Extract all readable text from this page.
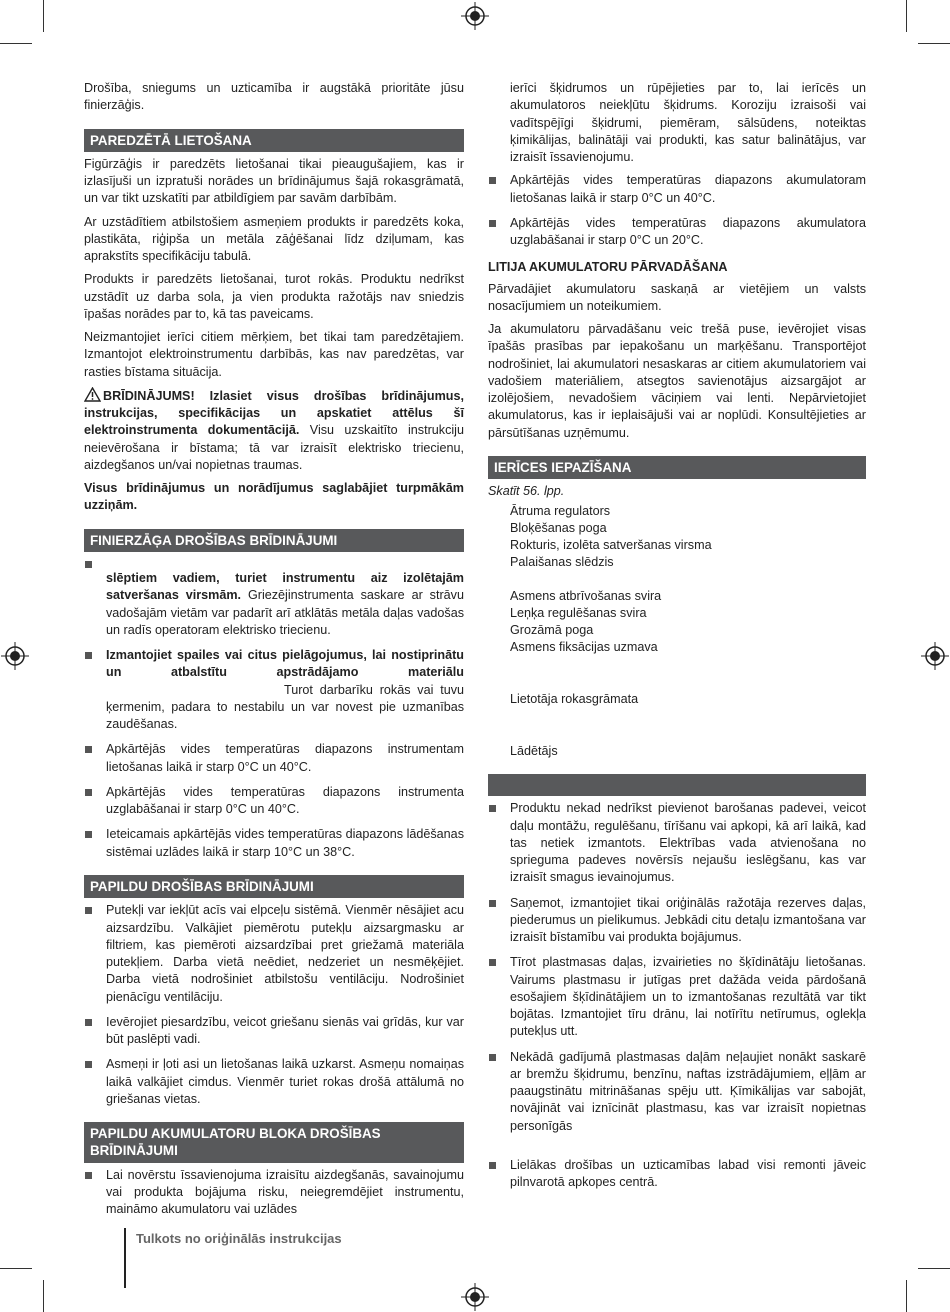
Drošība, sniegums un uzticamība ir augstākā prioritāte jūsu finierzāģis.

PAREDZĒTĀ LIETOŠANA

Figūrzāģis ir paredzēts lietošanai tikai pieaugušajiem, kas ir izlasījuši un izpratuši norādes un brīdinājumus šajā rokasgrāmatā, un var tikt uzskatīti par atbildīgiem par savām darbībām.

Ar uzstādītiem atbilstošiem asmeņiem produkts ir paredzēts koka, plastikāta, riģipša un metāla zāģēšanai līdz dziļumam, kas aprakstīts specifikāciju tabulā.

Produkts ir paredzēts lietošanai, turot rokās. Produktu nedrīkst uzstādīt uz darba sola, ja vien produkta ražotājs nav sniedzis īpašas norādes par to, kā tas paveicams.

Neizmantojiet ierīci citiem mērķiem, bet tikai tam paredzētajiem. Izmantojot elektroinstrumentu darbībās, kas nav paredzētas, var rasties bīstama situācija.

BRĪDINĀJUMS! Izlasiet visus drošības brīdinājumus, instrukcijas, specifikācijas un apskatiet attēlus šī elektroinstrumenta dokumentācijā. Visu uzskaitīto instrukciju neievērošana ir bīstama; tā var izraisīt elektrisko triecienu, aizdegšanos un/vai nopietnas traumas.

Visus brīdinājumus un norādījumus saglabājiet turpmākām uzziņām.

FINIERZĀĢA DROŠĪBAS BRĪDINĀJUMI
slēptiem vadiem, turiet instrumentu aiz izolētajām satveršanas virsmām. Griezējinstrumenta saskare ar strāvu vadošajām vietām var padarīt arī atklātās metāla daļas vadošas un radīs operatoram elektrisko triecienu.
Izmantojiet spailes vai citus pielāgojumus, lai nostiprinātu un atbalstītu apstrādājamo materiāluTurot darbarīku rokās vai tuvu ķermenim, padara to nestabilu un var novest pie uzmanības zaudēšanas.
Apkārtējās vides temperatūras diapazons instrumentam lietošanas laikā ir starp 0°C un 40°C.
Apkārtējās vides temperatūras diapazons instrumenta uzglabāšanai ir starp 0°C un 40°C.
Ieteicamais apkārtējās vides temperatūras diapazons lādēšanas sistēmai uzlādes laikā ir starp 10°C un 38°C.
PAPILDU DROŠĪBAS BRĪDINĀJUMI
Putekļi var iekļūt acīs vai elpceļu sistēmā. Vienmēr nēsājiet acu aizsardzību. Valkājiet piemērotu putekļu aizsargmasku ar filtriem, kas piemēroti aizsardzībai pret griežamā materiāla putekļiem. Darba vietā neēdiet, nedzeriet un nesmēķējiet. Darba vietā nodrošiniet atbilstošu ventilāciju. Nodrošiniet pienācīgu ventilāciju.
Ievērojiet piesardzību, veicot griešanu sienās vai grīdās, kur var būt paslēpti vadi.
Asmeņi ir ļoti asi un lietošanas laikā uzkarst. Asmeņu nomaiņas laikā valkājiet cimdus. Vienmēr turiet rokas drošā attālumā no griešanas vietas.
PAPILDU AKUMULATORU BLOKA DROŠĪBAS BRĪDINĀJUMI
Lai novērstu īssavienojuma izraisītu aizdegšanās, savainojumu vai produkta bojājuma risku, neiegremdējiet instrumentu, maināmo akumulatoru vai uzlādes

ierīci šķidrumos un rūpējieties par to, lai ierīcēs un akumulatoros neiekļūtu šķidrums. Koroziju izraisoši vai vadītspējīgi šķidrumi, piemēram, sālsūdens, noteiktas ķimikālijas, balinātāji vai produkti, kas satur balinātājus, var izraisīt īssavienojumu.

Apkārtējās vides temperatūras diapazons akumulatoram lietošanas laikā ir starp 0°C un 40°C.
Apkārtējās vides temperatūras diapazons akumulatora uzglabāšanai ir starp 0°C un 20°C.
LITIJA AKUMULATORU PĀRVADĀŠANA

Pārvadājiet akumulatoru saskaņā ar vietējiem un valsts nosacījumiem un noteikumiem.

Ja akumulatoru pārvadāšanu veic trešā puse, ievērojiet visas īpašās prasības par iepakošanu un marķēšanu. Transportējot nodrošiniet, lai akumulatori nesaskaras ar citiem akumulatoriem vai vadošiem materiāliem, atsegtos savienotājus aizsargājot ar izolējošiem, nevadošiem vāciņiem vai lenti. Nepārvietojiet akumulatorus, kas ir ieplaisājuši vai ar noplūdi. Konsultējieties ar pārsūtīšanas uzņēmumu.

IERĪCES IEPAZĪŠANA
Skatīt 56. lpp.
Ātruma regulators
Bloķēšanas poga
Rokturis, izolēta satveršanas virsma
Palaišanas slēdzis
Asmens atbrīvošanas svira
Leņķa regulēšanas svira
Grozāmā poga
Asmens fiksācijas uzmava
Lietotāja rokasgrāmata
Lādētājs
Produktu nekad nedrīkst pievienot barošanas padevei, veicot daļu montāžu, regulēšanu, tīrīšanu vai apkopi, kā arī laikā, kad tas netiek izmantots. Elektrības vada atvienošana no sprieguma padeves novērsīs nejaušu ieslēgšanu, kas var izraisīt smagus ievainojumus.
Saņemot, izmantojiet tikai oriģinālās ražotāja rezerves daļas, piederumus un pielikumus. Jebkādi citu detaļu izmantošana var izraisīt bīstamību vai produkta bojājumus.
Tīrot plastmasas daļas, izvairieties no šķīdinātāju lietošanas. Vairums plastmasu ir jutīgas pret dažāda veida pārdošanā esošajiem šķīdinātājiem un to izmantošanas rezultātā var tikt bojātas. Izmantojiet tīru drānu, lai notīrītu netīrumus, oglekļa putekļus utt.
Nekādā gadījumā plastmasas daļām neļaujiet nonākt saskarē ar bremžu šķidrumu, benzīnu, naftas izstrādājumiem, eļļām ar paaugstinātu mitrināšanas spēju utt. Ķīmikālijas var sabojāt, novājināt vai iznīcināt plastmasu, kas var izraisīt nopietnas personīgās
Lielākas drošības un uzticamības labad visi remonti jāveic pilnvarotā apkopes centrā.
Tulkots no oriģinālās instrukcijas
